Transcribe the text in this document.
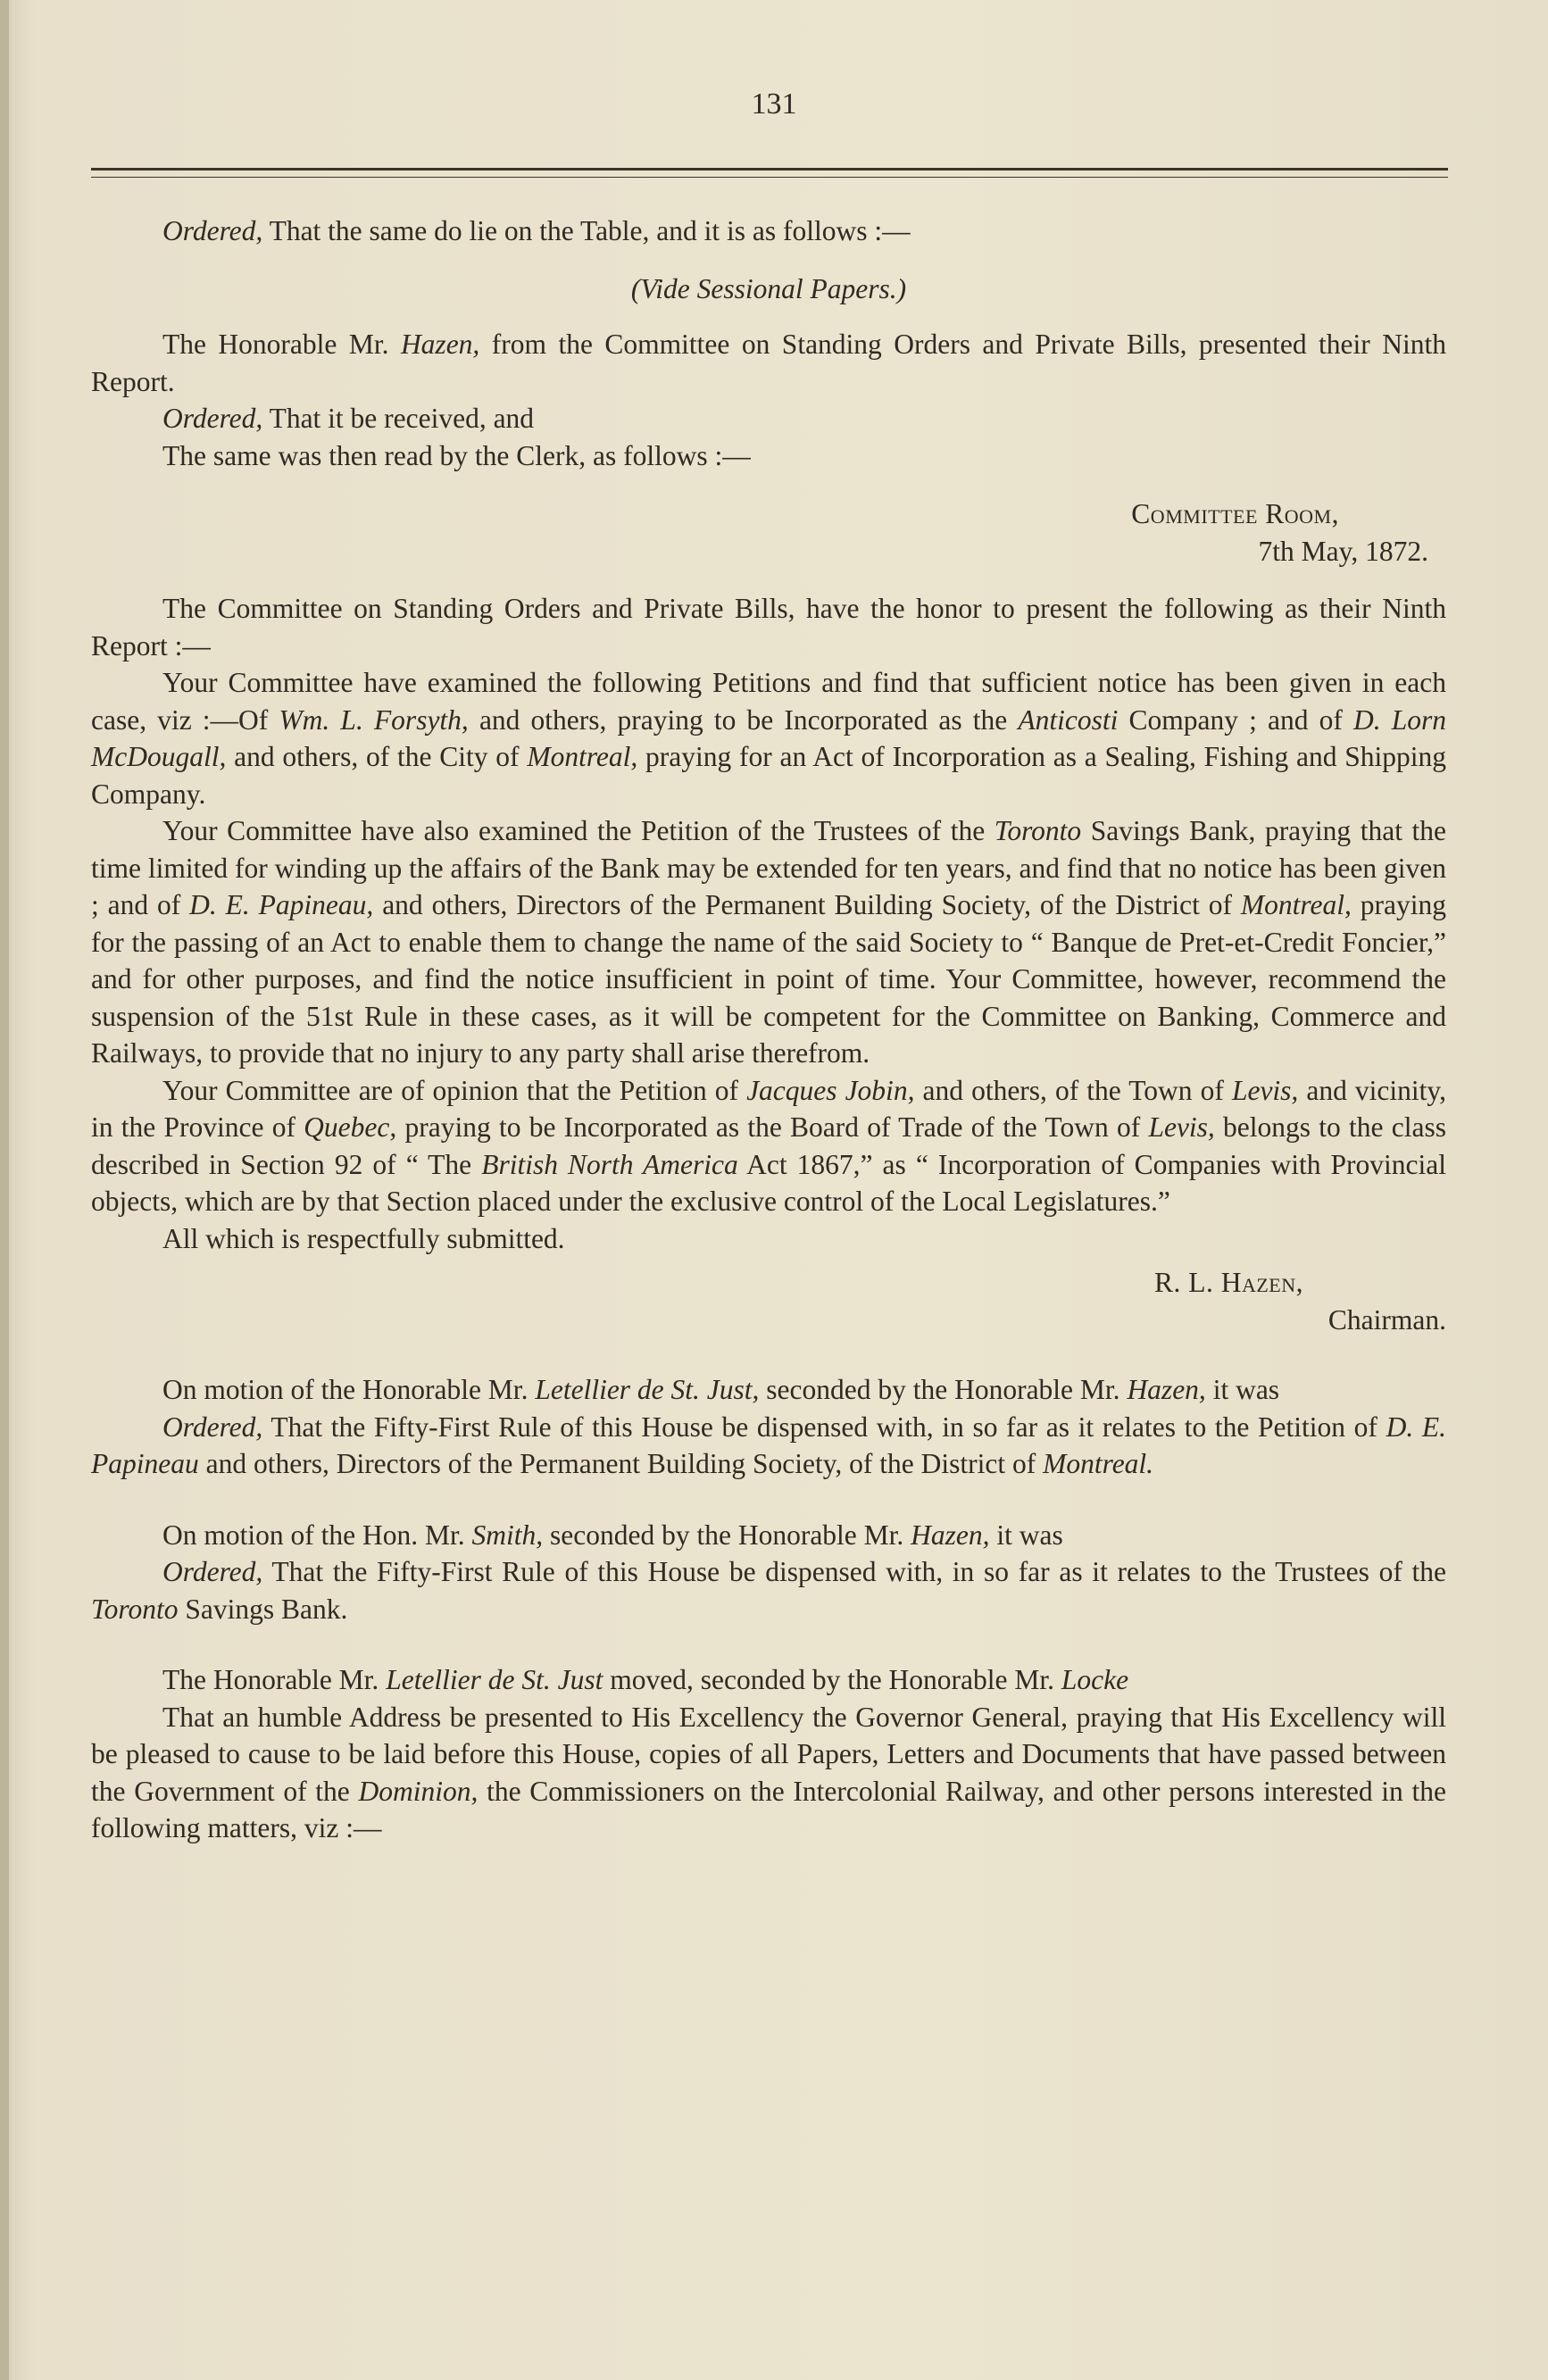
131

Ordered, That the same do lie on the Table, and it is as follows :—

(Vide Sessional Papers.)

The Honorable Mr. Hazen, from the Committee on Standing Orders and Private Bills, presented their Ninth Report.

Ordered, That it be received, and

The same was then read by the Clerk, as follows :—

Committee Room,

7th May, 1872.

The Committee on Standing Orders and Private Bills, have the honor to present the following as their Ninth Report :—

Your Committee have examined the following Petitions and find that sufficient notice has been given in each case, viz :—Of Wm. L. Forsyth, and others, praying to be Incorporated as the Anticosti Company ; and of D. Lorn McDougall, and others, of the City of Montreal, praying for an Act of Incorporation as a Sealing, Fishing and Shipping Company.

Your Committee have also examined the Petition of the Trustees of the Toronto Savings Bank, praying that the time limited for winding up the affairs of the Bank may be extended for ten years, and find that no notice has been given ; and of D. E. Papineau, and others, Directors of the Permanent Building Society, of the District of Montreal, praying for the passing of an Act to enable them to change the name of the said Society to “ Banque de Pret-et-Credit Foncier,” and for other purposes, and find the notice insufficient in point of time. Your Committee, however, recommend the suspension of the 51st Rule in these cases, as it will be competent for the Committee on Banking, Commerce and Railways, to provide that no injury to any party shall arise therefrom.

Your Committee are of opinion that the Petition of Jacques Jobin, and others, of the Town of Levis, and vicinity, in the Province of Quebec, praying to be Incorporated as the Board of Trade of the Town of Levis, belongs to the class described in Section 92 of “ The British North America Act 1867,” as “ Incorporation of Companies with Provincial objects, which are by that Section placed under the exclusive control of the Local Legislatures.”

All which is respectfully submitted.

R. L. Hazen,

Chairman.

On motion of the Honorable Mr. Letellier de St. Just, seconded by the Honorable Mr. Hazen, it was

Ordered, That the Fifty-First Rule of this House be dispensed with, in so far as it relates to the Petition of D. E. Papineau and others, Directors of the Permanent Building Society, of the District of Montreal.

On motion of the Hon. Mr. Smith, seconded by the Honorable Mr. Hazen, it was

Ordered, That the Fifty-First Rule of this House be dispensed with, in so far as it relates to the Trustees of the Toronto Savings Bank.

The Honorable Mr. Letellier de St. Just moved, seconded by the Honorable Mr. Locke

That an humble Address be presented to His Excellency the Governor General, praying that His Excellency will be pleased to cause to be laid before this House, copies of all Papers, Letters and Documents that have passed between the Government of the Dominion, the Commissioners on the Intercolonial Railway, and other persons interested in the following matters, viz :—
